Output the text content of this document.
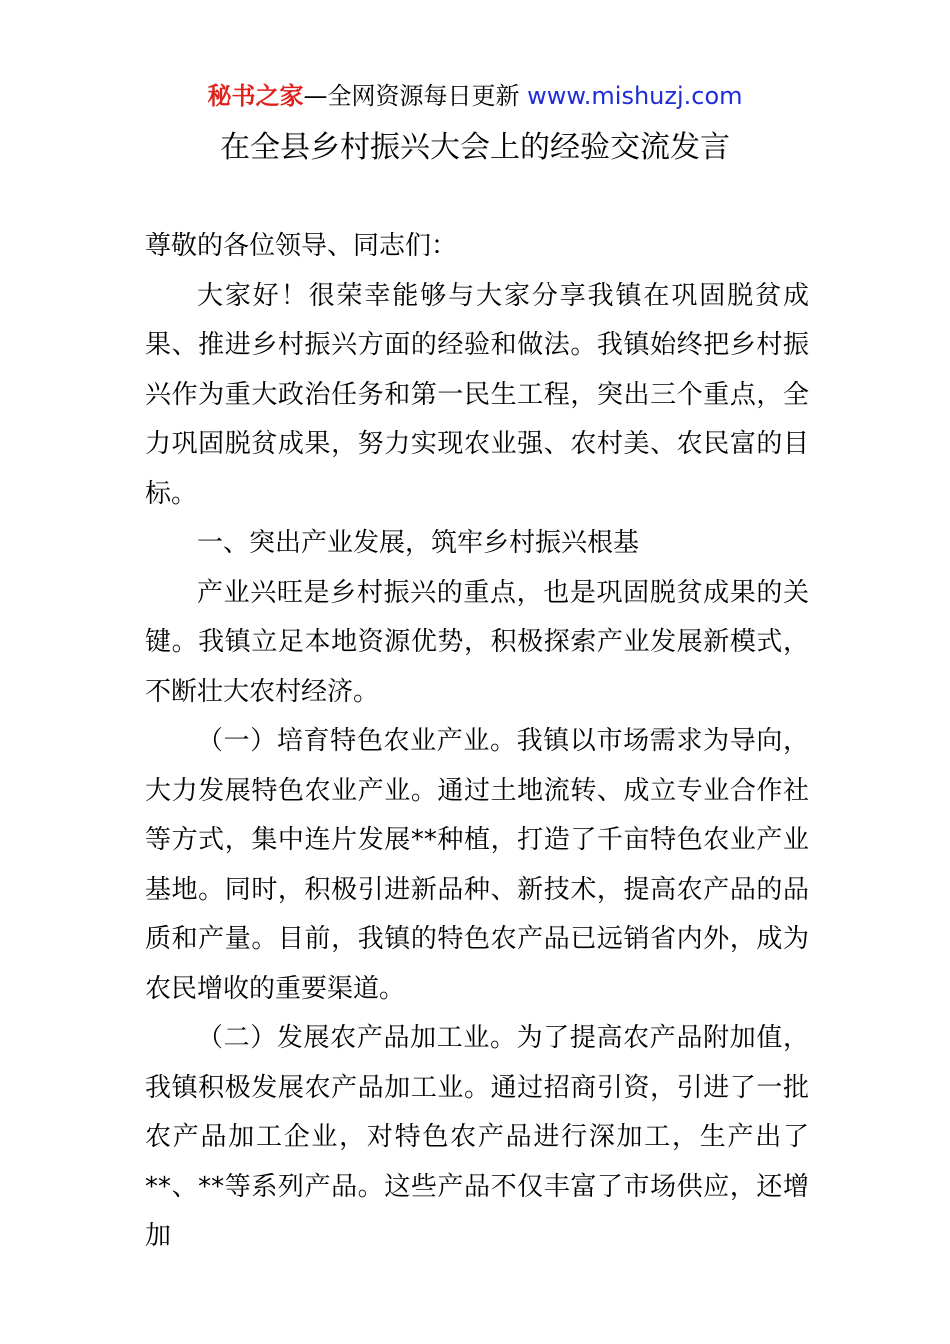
秘书之家—全网资源每日更新 www.mishuzj.com
在全县乡村振兴大会上的经验交流发言

尊敬的各位领导、同志们：

大家好！很荣幸能够与大家分享我镇在巩固脱贫成果、推进乡村振兴方面的经验和做法。我镇始终把乡村振兴作为重大政治任务和第一民生工程，突出三个重点，全力巩固脱贫成果，努力实现农业强、农村美、农民富的目标。

一、突出产业发展，筑牢乡村振兴根基

产业兴旺是乡村振兴的重点，也是巩固脱贫成果的关键。我镇立足本地资源优势，积极探索产业发展新模式，不断壮大农村经济。

（一）培育特色农业产业。我镇以市场需求为导向，大力发展特色农业产业。通过土地流转、成立专业合作社等方式，集中连片发展**种植，打造了千亩特色农业产业基地。同时，积极引进新品种、新技术，提高农产品的品质和产量。目前，我镇的特色农产品已远销省内外，成为农民增收的重要渠道。

（二）发展农产品加工业。为了提高农产品附加值，我镇积极发展农产品加工业。通过招商引资，引进了一批农产品加工企业，对特色农产品进行深加工，生产出了**、**等系列产品。这些产品不仅丰富了市场供应，还增加
